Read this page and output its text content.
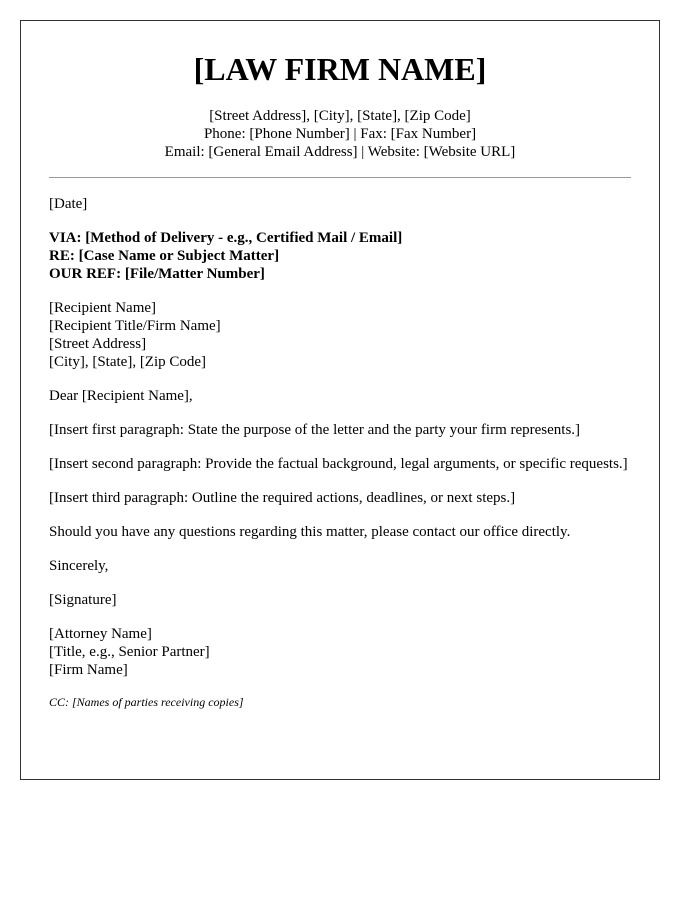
[LAW FIRM NAME]
[Street Address], [City], [State], [Zip Code]
Phone: [Phone Number] | Fax: [Fax Number]
Email: [General Email Address] | Website: [Website URL]
[Date]
VIA: [Method of Delivery - e.g., Certified Mail / Email]
RE: [Case Name or Subject Matter]
OUR REF: [File/Matter Number]
[Recipient Name]
[Recipient Title/Firm Name]
[Street Address]
[City], [State], [Zip Code]
Dear [Recipient Name],
[Insert first paragraph: State the purpose of the letter and the party your firm represents.]
[Insert second paragraph: Provide the factual background, legal arguments, or specific requests.]
[Insert third paragraph: Outline the required actions, deadlines, or next steps.]
Should you have any questions regarding this matter, please contact our office directly.
Sincerely,
[Signature]
[Attorney Name]
[Title, e.g., Senior Partner]
[Firm Name]
CC: [Names of parties receiving copies]
